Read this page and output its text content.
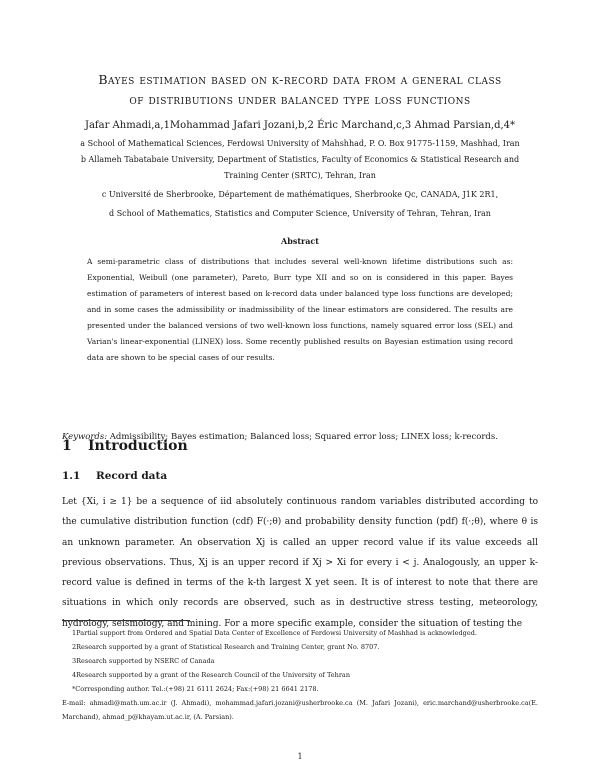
Bayes estimation based on k-record data from a general class
of distributions under balanced type loss functions
Jafar Ahmadi,a,1Mohammad Jafari Jozani,b,2 Éric Marchand,c,3 Ahmad Parsian,d,4*
a School of Mathematical Sciences, Ferdowsi University of Mahshhad, P. O. Box 91775-1159, Mashhad, Iran
b Allameh Tabatabaie University, Department of Statistics, Faculty of Economics & Statistical Research and
Training Center (SRTC), Tehran, Iran
c Université de Sherbrooke, Département de mathématiques, Sherbrooke Qc, CANADA, J1K 2R1,
d School of Mathematics, Statistics and Computer Science, University of Tehran, Tehran, Iran
Abstract
A semi-parametric class of distributions that includes several well-known lifetime distributions such as: Exponential, Weibull (one parameter), Pareto, Burr type XII and so on is considered in this paper. Bayes estimation of parameters of interest based on k-record data under balanced type loss functions are developed; and in some cases the admissibility or inadmissibility of the linear estimators are considered. The results are presented under the balanced versions of two well-known loss functions, namely squared error loss (SEL) and Varian's linear-exponential (LINEX) loss. Some recently published results on Bayesian estimation using record data are shown to be special cases of our results.
Keywords: Admissibility; Bayes estimation; Balanced loss; Squared error loss; LINEX loss; k-records.
1 Introduction
1.1 Record data
Let {Xi, i ≥ 1} be a sequence of iid absolutely continuous random variables distributed according to the cumulative distribution function (cdf) F(·;θ) and probability density function (pdf) f(·;θ), where θ is an unknown parameter. An observation Xj is called an upper record value if its value exceeds all previous observations. Thus, Xj is an upper record if Xj > Xi for every i < j. Analogously, an upper k-record value is defined in terms of the k-th largest X yet seen. It is of interest to note that there are situations in which only records are observed, such as in destructive stress testing, meteorology, hydrology, seismology, and mining. For a more specific example, consider the situation of testing the
1Partial support from Ordered and Spatial Data Center of Excellence of Ferdowsi University of Mashhad is acknowledged.
2Research supported by a grant of Statistical Research and Training Center, grant No. 8707.
3Research supported by NSERC of Canada
4Research supported by a grant of the Research Council of the University of Tehran
*Corresponding author. Tel.:(+98) 21 6111 2624; Fax:(+98) 21 6641 2178.
E-mail: ahmadi@math.um.ac.ir (J. Ahmadi), mohammad.jafari.jozani@usherbrooke.ca (M. Jafari Jozani), eric.marchand@usherbrooke.ca(E. Marchand), ahmad_p@khayam.ut.ac.ir, (A. Parsian).
1
